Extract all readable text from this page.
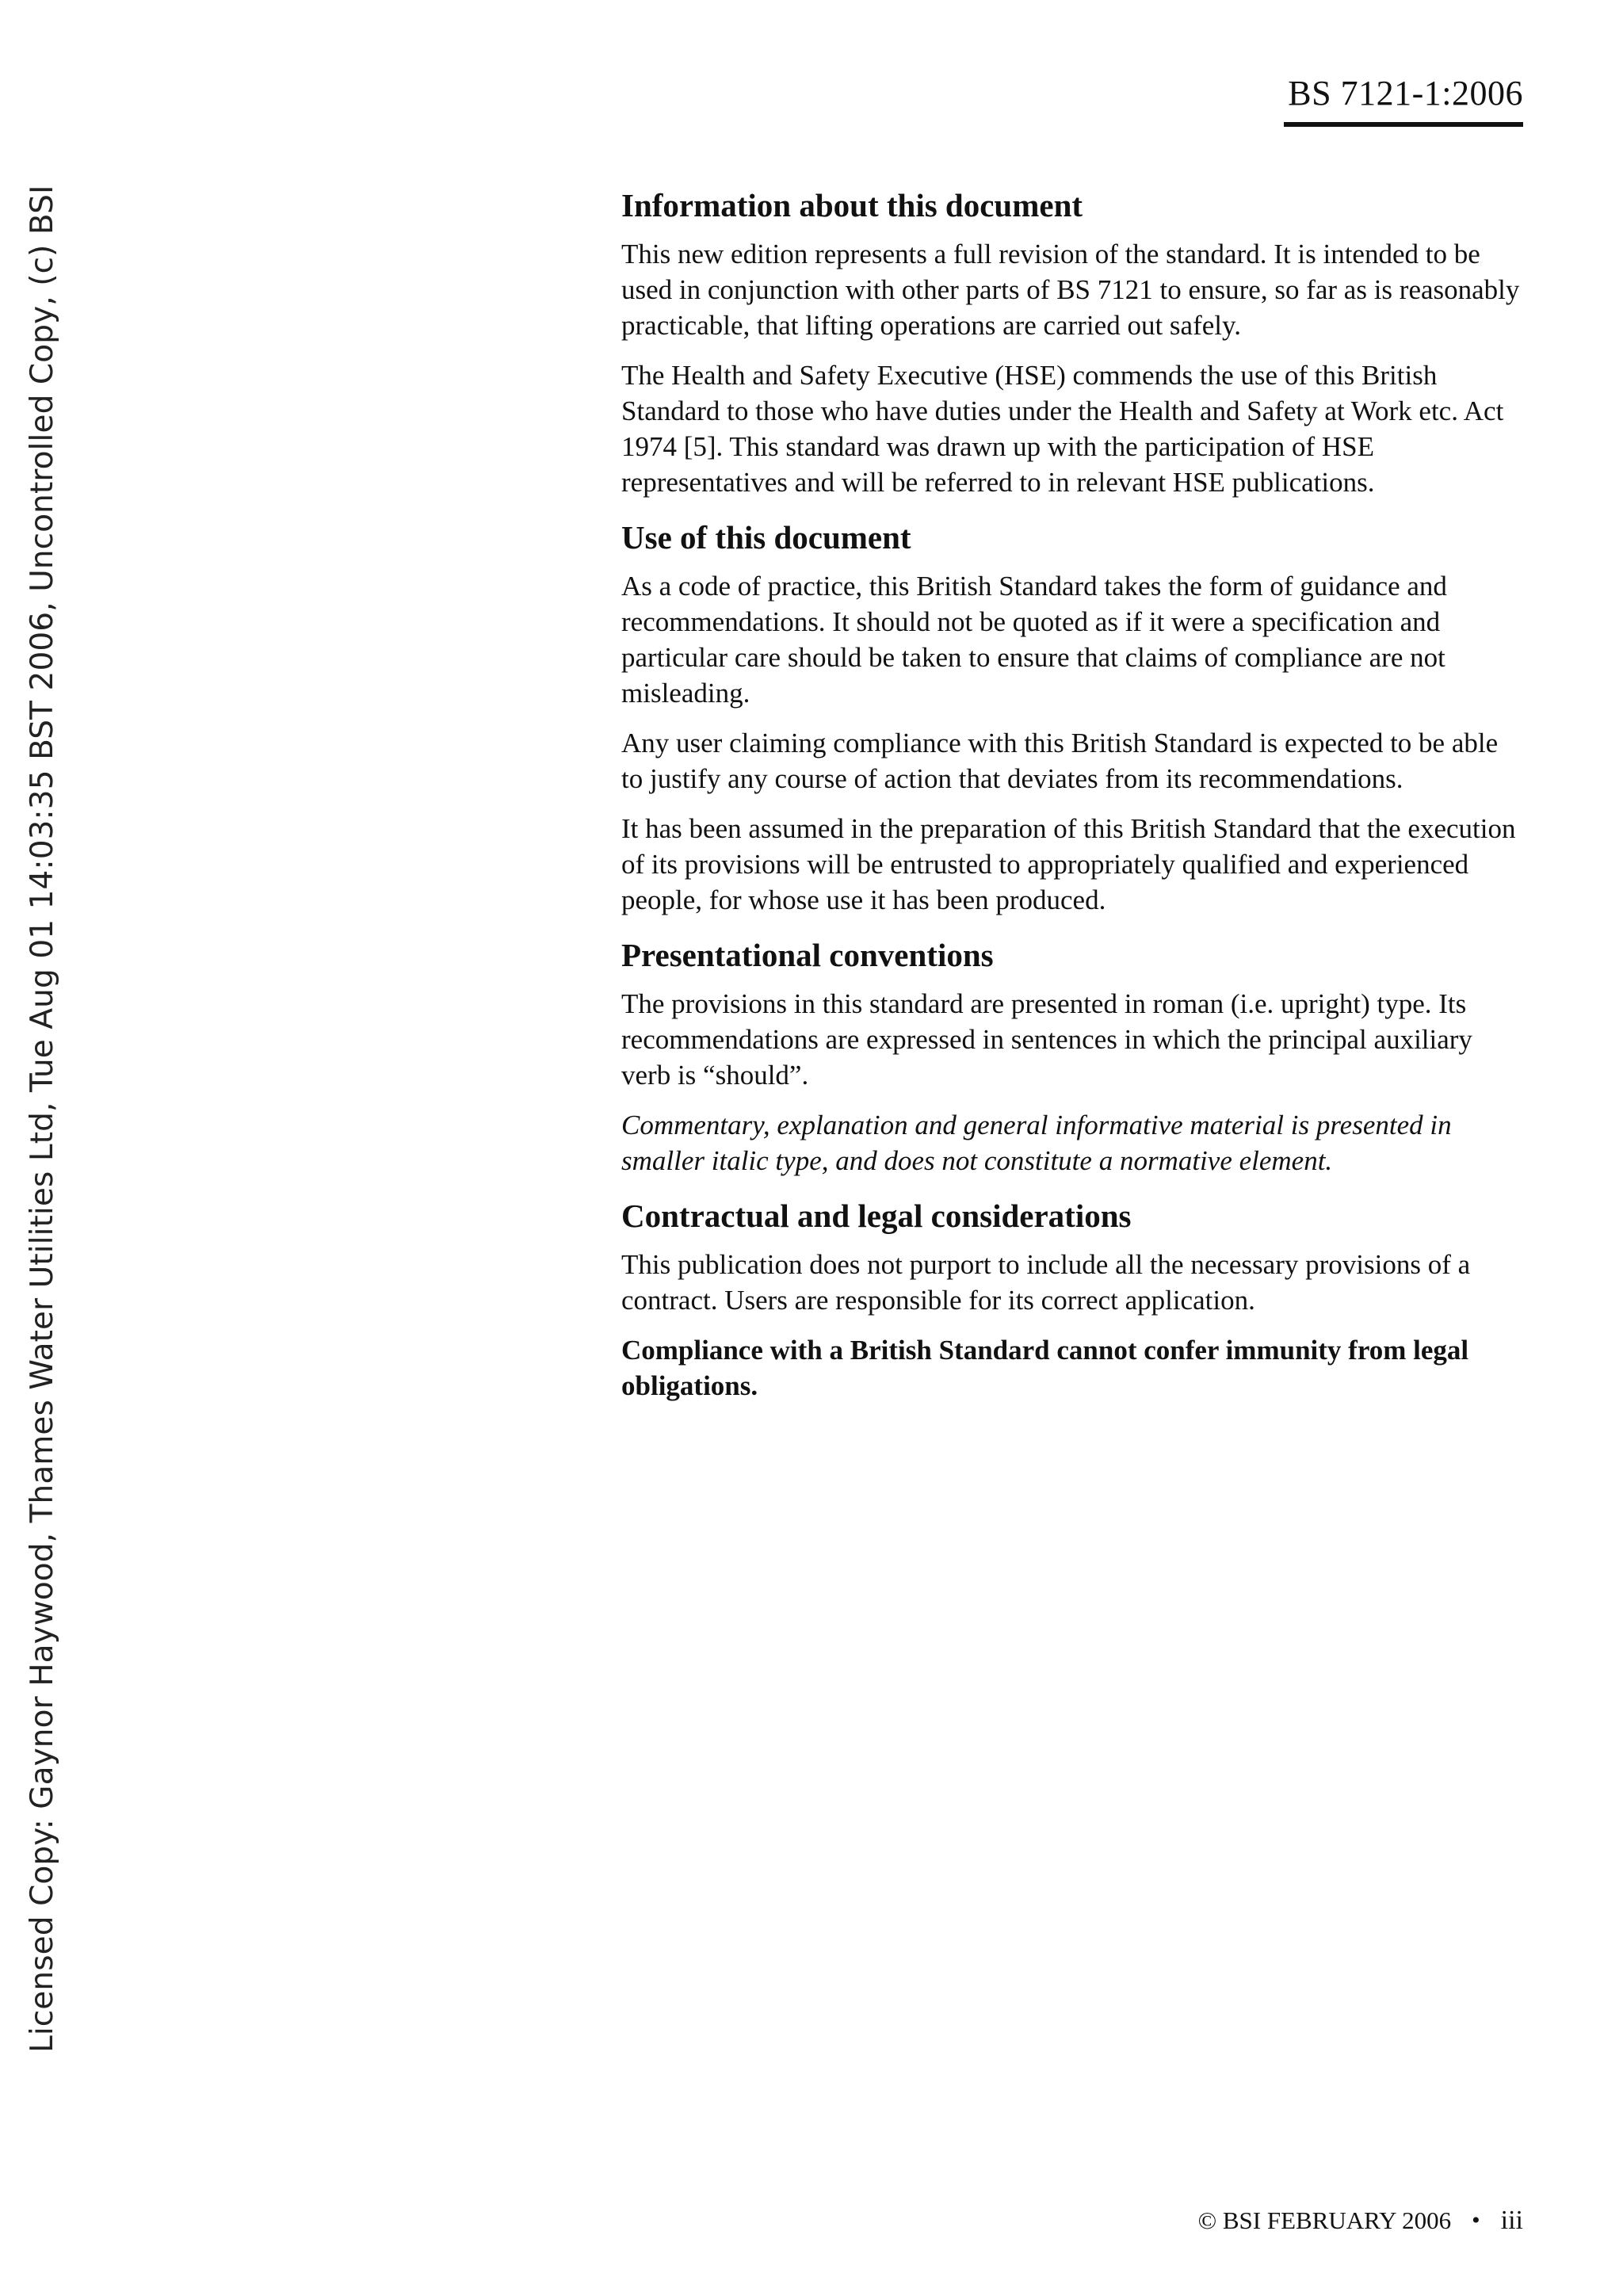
BS 7121-1:2006
Licensed Copy: Gaynor Haywood, Thames Water Utilities Ltd, Tue Aug 01 14:03:35 BST 2006, Uncontrolled Copy, (c) BSI	Information about this document

This new edition represents a full revision of the standard. It is intended to be used in conjunction with other parts of BS 7121 to ensure, so far as is reasonably practicable, that lifting operations are carried out safely.

The Health and Safety Executive (HSE) commends the use of this British Standard to those who have duties under the Health and Safety at Work etc. Act 1974 [5]. This standard was drawn up with the participation of HSE representatives and will be referred to in relevant HSE publications.

Use of this document

As a code of practice, this British Standard takes the form of guidance and recommendations. It should not be quoted as if it were a specification and particular care should be taken to ensure that claims of compliance are not misleading.

Any user claiming compliance with this British Standard is expected to be able to justify any course of action that deviates from its recommendations.

It has been assumed in the preparation of this British Standard that the execution of its provisions will be entrusted to appropriately qualified and experienced people, for whose use it has been produced.

Presentational conventions

The provisions in this standard are presented in roman (i.e. upright) type. Its recommendations are expressed in sentences in which the principal auxiliary verb is “should”.

Commentary, explanation and general informative material is presented in smaller italic type, and does not constitute a normative element.

Contractual and legal considerations

This publication does not purport to include all the necessary provisions of a contract. Users are responsible for its correct application.

Compliance with a British Standard cannot confer immunity from legal obligations.

© BSI FEBRUARY 2006 • iii
